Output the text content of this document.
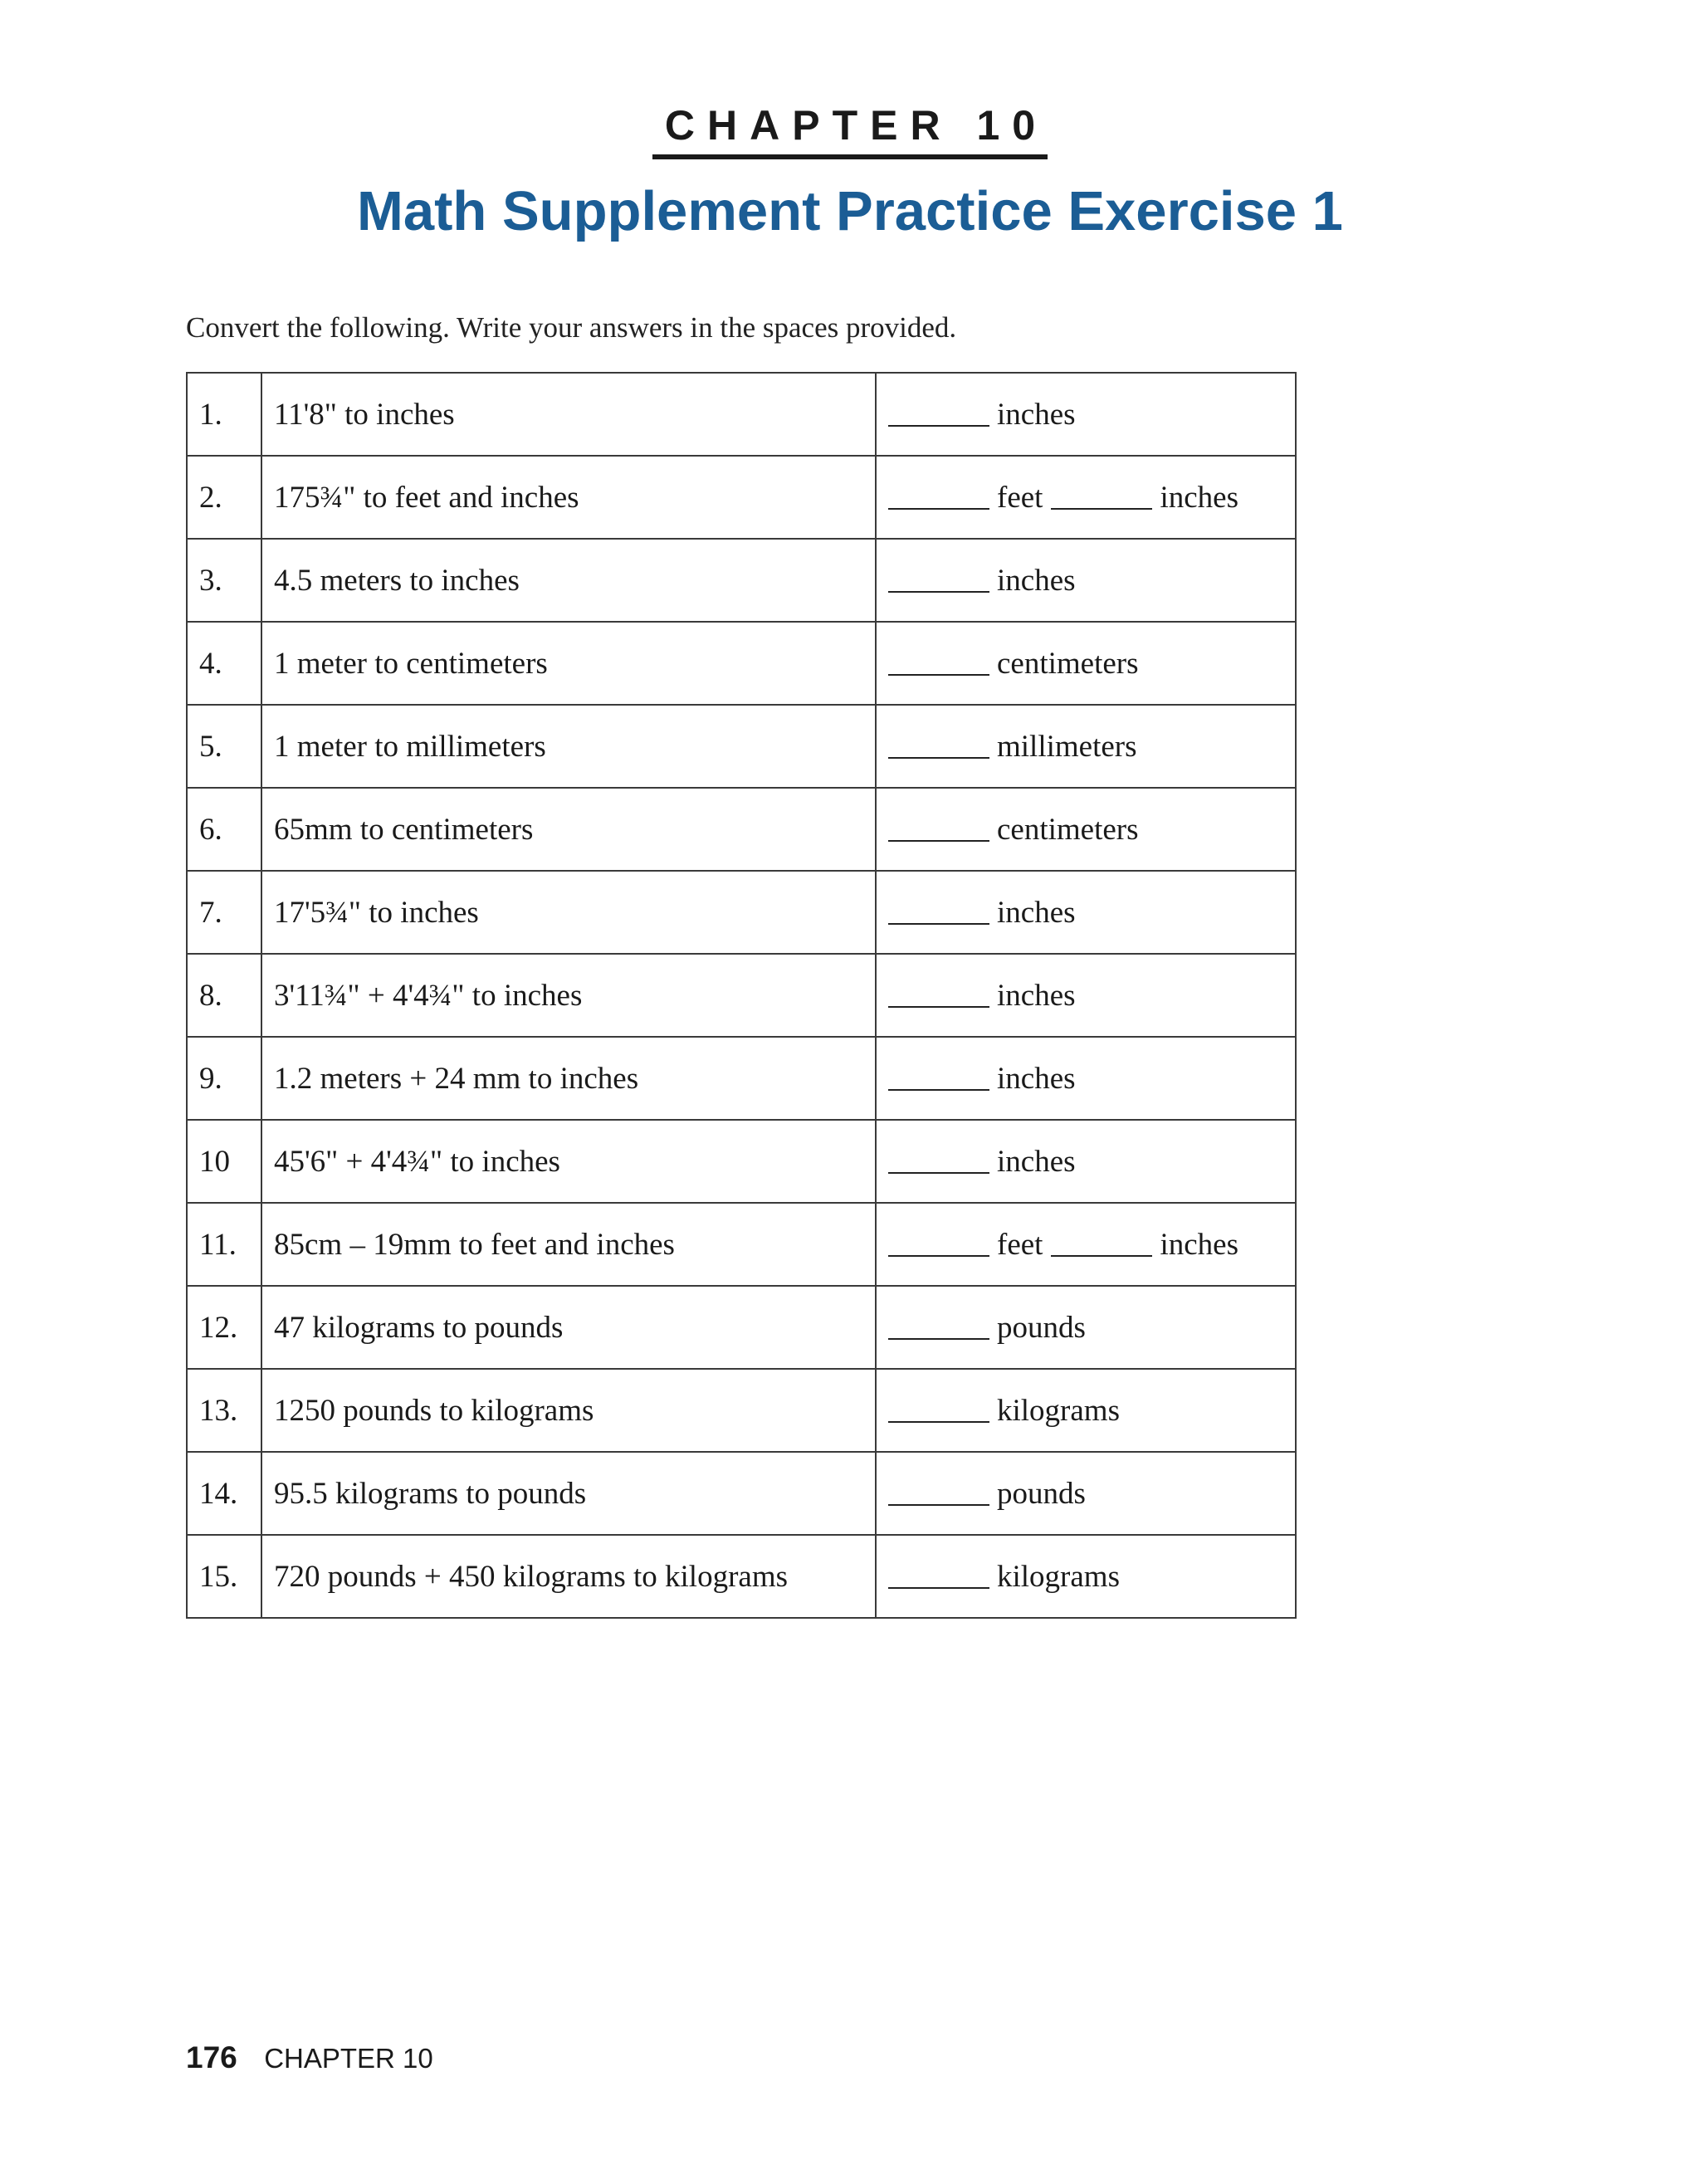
CHAPTER 10
Math Supplement Practice Exercise 1
Convert the following. Write your answers in the spaces provided.
1.	11'8" to inches	inches
2.	175¾" to feet and inches	feet inches
3.	4.5 meters to inches	inches
4.	1 meter to centimeters	centimeters
5.	1 meter to millimeters	millimeters
6.	65mm to centimeters	centimeters
7.	17'5¾" to inches	inches
8.	3'11¾" + 4'4¾" to inches	inches
9.	1.2 meters + 24 mm to inches	inches
10	45'6" + 4'4¾" to inches	inches
11.	85cm – 19mm to feet and inches	feet inches
12.	47 kilograms to pounds	pounds
13.	1250 pounds to kilograms	kilograms
14.	95.5 kilograms to pounds	pounds
15.	720 pounds + 450 kilograms to kilograms	kilograms
176 CHAPTER 10
